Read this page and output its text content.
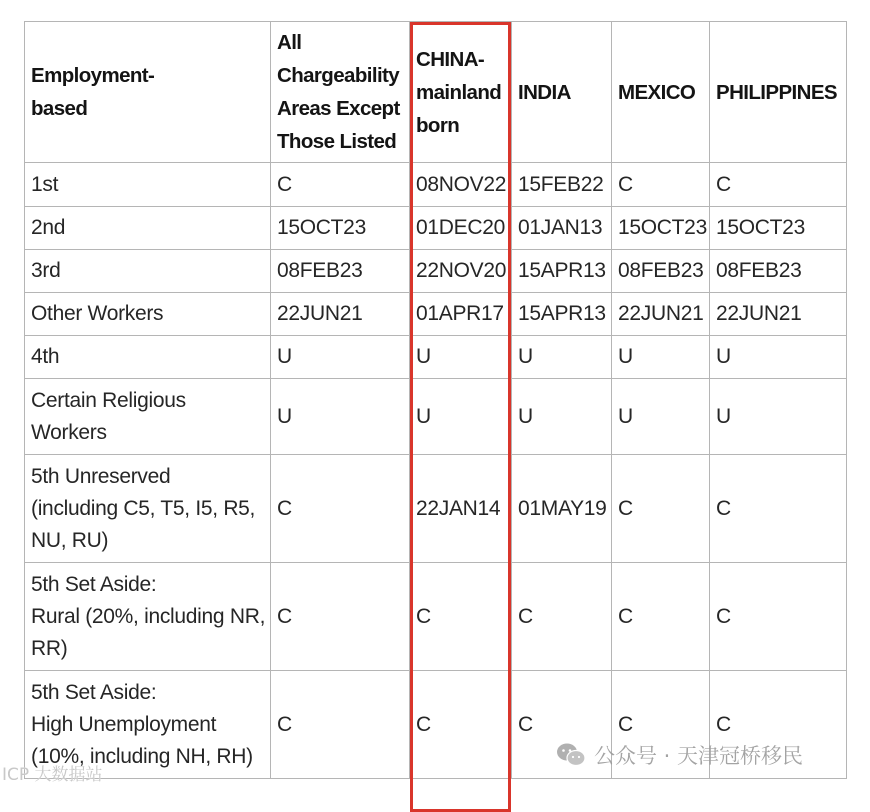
Employment-
based	All
Chargeability
Areas Except
Those Listed	CHINA-
mainland
born	INDIA	MEXICO	PHILIPPINES
1st	C	08NOV22	15FEB22	C	C
2nd	15OCT23	01DEC20	01JAN13	15OCT23	15OCT23
3rd	08FEB23	22NOV20	15APR13	08FEB23	08FEB23
Other Workers	22JUN21	01APR17	15APR13	22JUN21	22JUN21
4th	U	U	U	U	U
Certain Religious
Workers	U	U	U	U	U
5th Unreserved
(including C5, T5, I5, R5,
NU, RU)	C	22JAN14	01MAY19	C	C
5th Set Aside:
Rural (20%, including NR,
RR)	C	C	C	C	C
5th Set Aside:
High Unemployment
(10%, including NH, RH)	C	C	C	C	C
公众号 · 天津冠桥移民
ICP 大数据站
